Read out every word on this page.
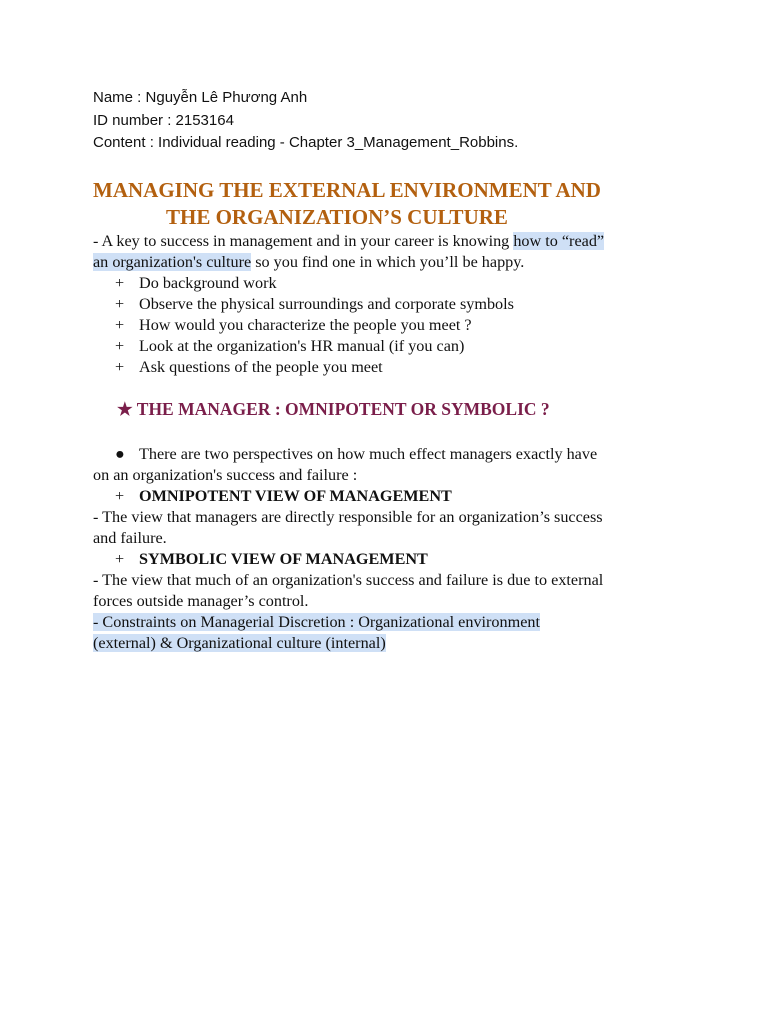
Name : Nguyễn Lê Phương Anh
ID number : 2153164
Content : Individual reading - Chapter 3_Management_Robbins.
MANAGING THE EXTERNAL ENVIRONMENT AND
THE ORGANIZATION’S CULTURE
- A key to success in management and in your career is knowing how to “read”
an organization's culture so you find one in which you’ll be happy.
+ Do background work
+ Observe the physical surroundings and corporate symbols
+ How would you characterize the people you meet ?
+ Look at the organization's HR manual (if you can)
+ Ask questions of the people you meet
★ THE MANAGER : OMNIPOTENT OR SYMBOLIC ?
● There are two perspectives on how much effect managers exactly have
on an organization's success and failure :
+ OMNIPOTENT VIEW OF MANAGEMENT
- The view that managers are directly responsible for an organization’s success
and failure.
+ SYMBOLIC VIEW OF MANAGEMENT
- The view that much of an organization's success and failure is due to external
forces outside manager’s control.
- Constraints on Managerial Discretion : Organizational environment
(external) & Organizational culture (internal)
